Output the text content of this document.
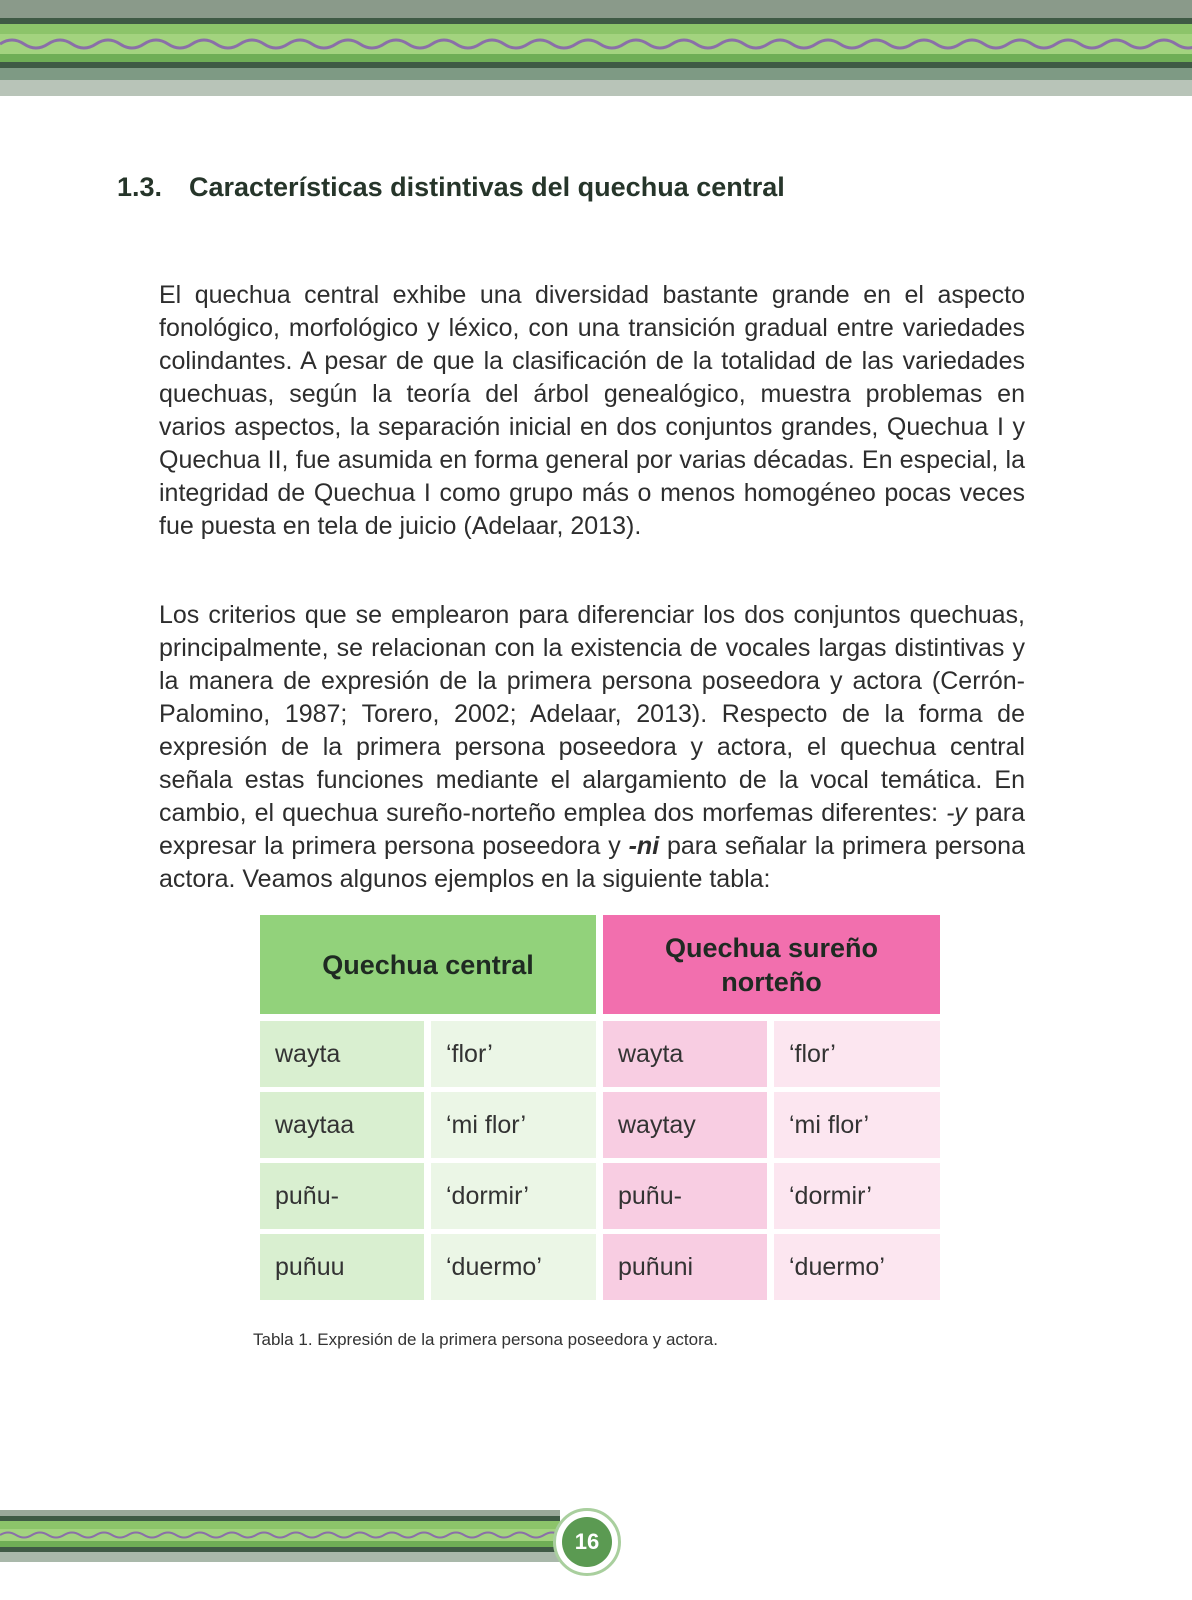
1.3. Características distintivas del quechua central

El quechua central exhibe una diversidad bastante grande en el aspecto fonológico, morfológico y léxico, con una transición gradual entre variedades colindantes. A pesar de que la clasificación de la totalidad de las variedades quechuas, según la teoría del árbol genealógico, muestra problemas en varios aspectos, la separación inicial en dos conjuntos grandes, Quechua I y Quechua II, fue asumida en forma general por varias décadas. En especial, la integridad de Quechua I como grupo más o menos homogéneo pocas veces fue puesta en tela de juicio (Adelaar, 2013).

Los criterios que se emplearon para diferenciar los dos conjuntos quechuas, principalmente, se relacionan con la existencia de vocales largas distintivas y la manera de expresión de la primera persona poseedora y actora (Cerrón-Palomino, 1987; Torero, 2002; Adelaar, 2013). Respecto de la forma de expresión de la primera persona poseedora y actora, el quechua central señala estas funciones mediante el alargamiento de la vocal temática. En cambio, el quechua sureño-norteño emplea dos morfemas diferentes: -y para expresar la primera persona poseedora y -ni para señalar la primera persona actora. Veamos algunos ejemplos en la siguiente tabla:

Quechua central
Quechua sureño norteño
wayta	‘flor’	wayta	‘flor’
waytaa	‘mi flor’	waytay	‘mi flor’
puñu-	‘dormir’	puñu-	‘dormir’
puñuu	‘duermo’	puñuni	‘duermo’
Tabla 1. Expresión de la primera persona poseedora y actora.
16
